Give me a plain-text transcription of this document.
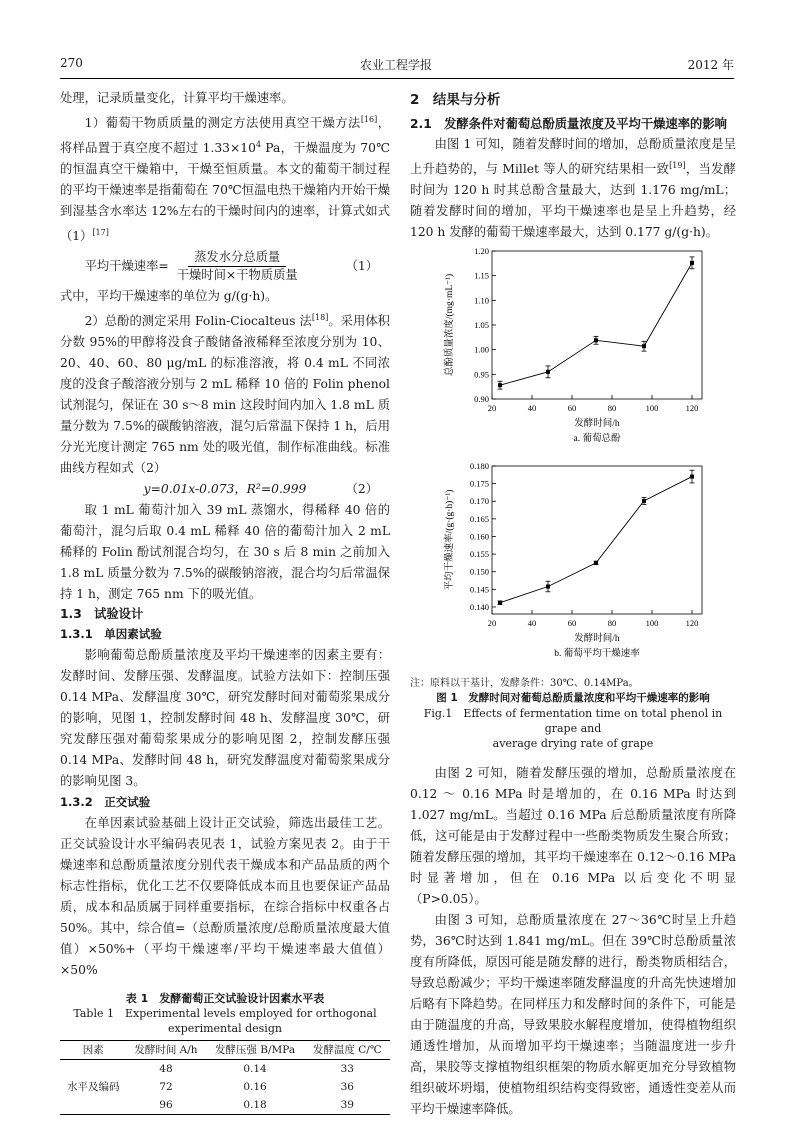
270	农业工程学报	2012 年

处理，记录质量变化，计算平均干燥速率。

1）葡萄干物质质量的测定方法使用真空干燥方法[16]，将样品置于真空度不超过 $1.33\times 10^4$ Pa，干燥温度为 70℃的恒温真空干燥箱中，干燥至恒质量。本文的葡萄干制过程的平均干燥速率是指葡萄在 70℃恒温电热干燥箱内开始干燥到湿基含水率达 12%左右的干燥时间内的速率，计算式如式（1）[17]

平均干燥速率= $\frac{\text{蒸发水分总质量}}{\text{干燥时间×干物质质量}}$	（1）

式中，平均干燥速率的单位为 g/(g·h)。

2）总酚的测定采用 Folin-Ciocalteus 法[18]。采用体积分数 95%的甲醇将没食子酸储备液稀释至浓度分别为 10、20、40、60、80 μg/mL 的标准溶液，将 0.4 mL 不同浓度的没食子酸溶液分别与 2 mL 稀释 10 倍的 Folin phenol 试剂混匀，保证在 30 s～8 min 这段时间内加入 1.8 mL 质量分数为 7.5%的碳酸钠溶液，混匀后常温下保持 1 h，后用分光光度计测定 765 nm 处的吸光值，制作标准曲线。标准曲线方程如式（2）

y=0.01x-0.073，R²=0.999	（2）

取 1 mL 葡萄汁加入 39 mL 蒸馏水，得稀释 40 倍的葡萄汁，混匀后取 0.4 mL 稀释 40 倍的葡萄汁加入 2 mL 稀释的 Folin 酚试剂混合均匀，在 30 s 后 8 min 之前加入 1.8 mL 质量分数为 7.5%的碳酸钠溶液，混合均匀后常温保持 1 h，测定 765 nm 下的吸光值。

1.3　试验设计
1.3.1　单因素试验

影响葡萄总酚质量浓度及平均干燥速率的因素主要有：发酵时间、发酵压强、发酵温度。试验方法如下：控制压强 0.14 MPa、发酵温度 30℃，研究发酵时间对葡萄浆果成分的影响，见图 1，控制发酵时间 48 h、发酵温度 30℃，研究发酵压强对葡萄浆果成分的影响见图 2，控制发酵压强 0.14 MPa、发酵时间 48 h，研究发酵温度对葡萄浆果成分的影响见图 3。

1.3.2　正交试验

在单因素试验基础上设计正交试验，筛选出最佳工艺。正交试验设计水平编码表见表 1，试验方案见表 2。由于干燥速率和总酚质量浓度分别代表干燥成本和产品品质的两个标志性指标，优化工艺不仅要降低成本而且也要保证产品品质，成本和品质属于同样重要指标，在综合指标中权重各占 50%。其中，综合值=（总酚质量浓度/总酚质量浓度最大值值）×50%+（平均干燥速率/平均干燥速率最大值值）×50%

表 1　发酵葡萄正交试验设计因素水平表
Table 1　Experimental levels employed for orthogonal
experimental design
因素	发酵时间 A/h	发酵压强 B/MPa	发酵温度 C/℃
水平及编码	48	0.14	33
	72	0.16	36
	96	0.18	39
2　结果与分析
2.1　发酵条件对葡萄总酚质量浓度及平均干燥速率的影响

由图 1 可知，随着发酵时间的增加，总酚质量浓度是呈上升趋势的，与 Millet 等人的研究结果相一致[19]，当发酵时间为 120 h 时其总酚含量最大，达到 1.176 mg/mL；随着发酵时间的增加，平均干燥速率也是呈上升趋势，经 120 h 发酵的葡萄干燥速率最大，达到 0.177 g/(g·h)。

20	40	60	80	100	120
0.90
0.95
1.00
1.05
1.10
1.15
1.20
发酵时间/h
总酚质量浓度/(mg·mL⁻¹)
a. 葡萄总酚

20	40	60	80	100	120
0.140
0.145
0.150
0.155
0.160
0.165
0.170
0.175
0.180
发酵时间/h
平均干燥速率/(g·(g·h)⁻¹)
b. 葡萄平均干燥速率

注：原料以干基计，发酵条件：30℃、0.14MPa。

图 1　发酵时间对葡萄总酚质量浓度和平均干燥速率的影响
Fig.1　Effects of fermentation time on total phenol in grape and
average drying rate of grape

由图 2 可知，随着发酵压强的增加，总酚质量浓度在 0.12 ～ 0.16 MPa 时是增加的，在 0.16 MPa 时达到 1.027 mg/mL。当超过 0.16 MPa 后总酚质量浓度有所降低，这可能是由于发酵过程中一些酚类物质发生聚合所致；随着发酵压强的增加，其平均干燥速率在 0.12～0.16 MPa 时显著增加，但在 0.16 MPa 以后变化不明显（P>0.05）。

由图 3 可知，总酚质量浓度在 27～36℃时呈上升趋势，36℃时达到 1.841 mg/mL。但在 39℃时总酚质量浓度有所降低，原因可能是随发酵的进行，酚类物质相结合，导致总酚减少；平均干燥速率随发酵温度的升高先快速增加后略有下降趋势。在同样压力和发酵时间的条件下，可能是由于随温度的升高，导致果胶水解程度增加，使得植物组织通透性增加，从而增加平均干燥速率；当随温度进一步升高，果胶等支撑植物组织框架的物质水解更加充分导致植物组织破坏坍塌，使植物组织结构变得致密，通透性变差从而平均干燥速率降低。
